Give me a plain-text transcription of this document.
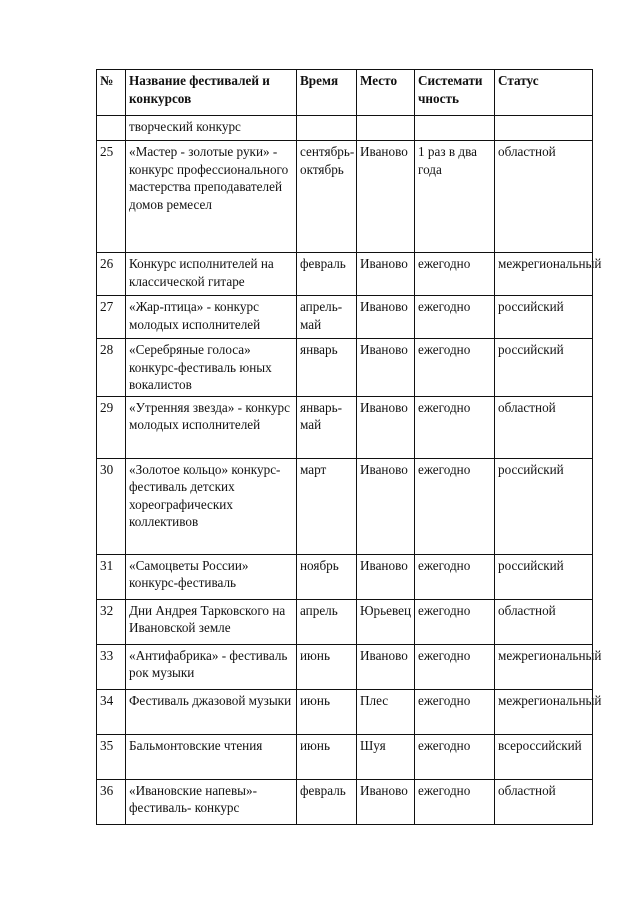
№	Название фестивалей и конкурсов	Время	Место	Системати чность	Статус
	творческий конкурс				
25	«Мастер - золотые руки» - конкурс профессионального мастерства преподавателей домов ремесел	сентябрь-октябрь	Иваново	1 раз в два года	областной
26	Конкурс исполнителей на классической гитаре	февраль	Иваново	ежегодно	межрегиональный
27	«Жар-птица» - конкурс молодых исполнителей	апрель-май	Иваново	ежегодно	российский
28	«Серебряные голоса» конкурс-фестиваль юных вокалистов	январь	Иваново	ежегодно	российский
29	«Утренняя звезда» - конкурс молодых исполнителей	январь-май	Иваново	ежегодно	областной
30	«Золотое кольцо» конкурс-фестиваль детских хореографических коллективов	март	Иваново	ежегодно	российский
31	«Самоцветы России» конкурс-фестиваль	ноябрь	Иваново	ежегодно	российский
32	Дни Андрея Тарковского на Ивановской земле	апрель	Юрьевец	ежегодно	областной
33	«Антифабрика» - фестиваль рок музыки	июнь	Иваново	ежегодно	межрегиональный
34	Фестиваль джазовой музыки	июнь	Плес	ежегодно	межрегиональный
35	Бальмонтовские чтения	июнь	Шуя	ежегодно	всероссийский
36	«Ивановские напевы»- фестиваль- конкурс	февраль	Иваново	ежегодно	областной
